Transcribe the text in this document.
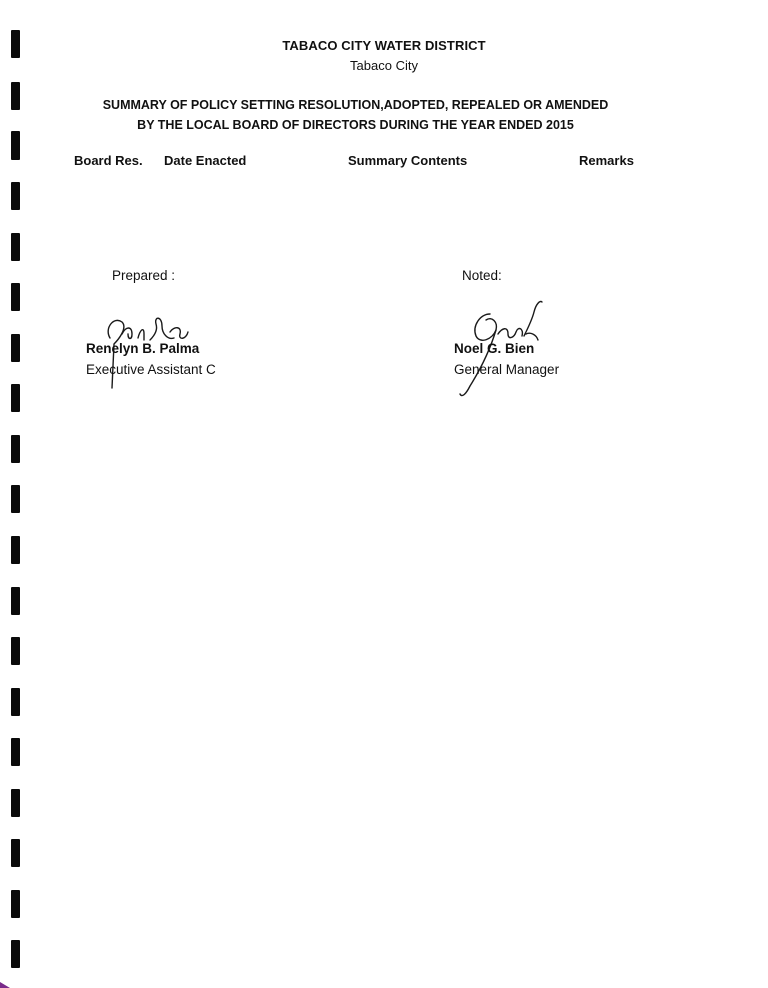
TABACO CITY WATER DISTRICT
Tabaco City
SUMMARY OF POLICY SETTING RESOLUTION,ADOPTED, REPEALED OR AMENDED
BY THE LOCAL BOARD OF DIRECTORS DURING THE YEAR ENDED 2015
Board Res. Date Enacted	Summary Contents	Remarks
Prepared :
Renelyn B. Palma
Executive Assistant C
Noted:
Noel G. Bien
General Manager
